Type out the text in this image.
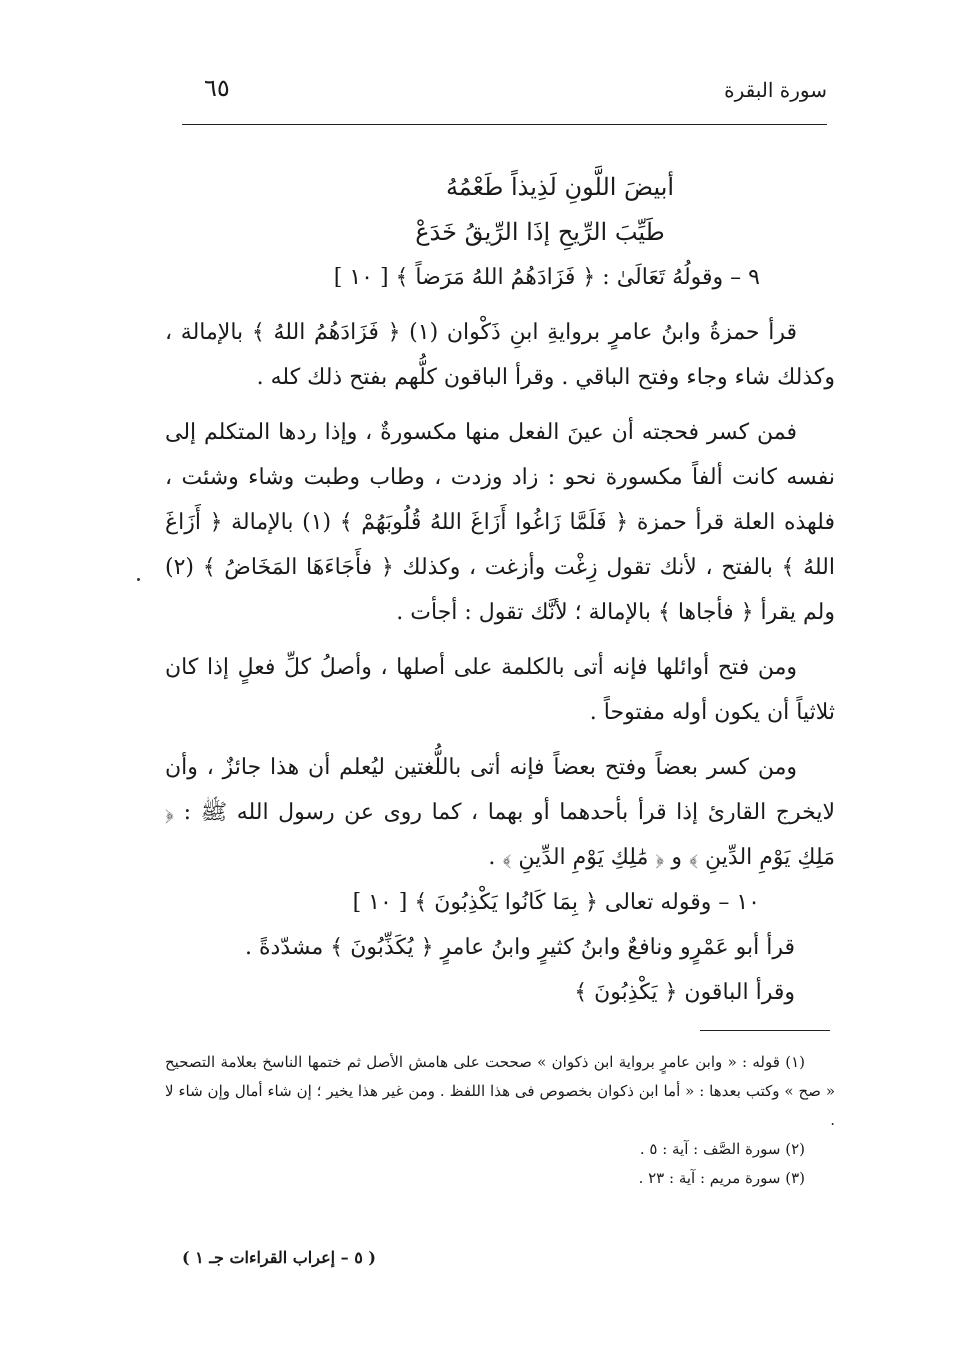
سورة البقرة
٦٥

أبيضَ اللَّونِ لَذِيذاً طَعْمُهُ

طَيِّبَ الرِّيحِ إذَا الرِّيقُ خَدَعْ

٩ – وقولُهُ تَعَالَىٰ : ﴿ فَزَادَهُمُ اللهُ مَرَضاً ﴾ [ ١٠ ]

قرأ حمزةُ وابنُ عامرٍ بروايةِ ابنِ ذَكْوان (١) ﴿ فَزَادَهُمُ اللهُ ﴾ بالإمالة ، وكذلك شاء وجاء وفتح الباقي . وقرأ الباقون كلُّهم بفتح ذلك كله .

فمن كسر فحجته أن عينَ الفعل منها مكسورةٌ ، وإذا ردها المتكلم إلى نفسه كانت ألفاً مكسورة نحو : زاد وزدت ، وطاب وطبت وشاء وشئت ، فلهذه العلة قرأ حمزة ﴿ فَلَمَّا زَاغُوا أَزَاغَ اللهُ قُلُوبَهُمْ ﴾ (١) بالإمالة ﴿ أَزَاغَ اللهُ ﴾ بالفتح ، لأنك تقول زِغْت وأزغت ، وكذلك ﴿ فأَجَاءَهَا المَخَاضُ ﴾ (٢) ولم يقرأ ﴿ فأجاها ﴾ بالإمالة ؛ لأنَّك تقول : أجأت .

ومن فتح أوائلها فإنه أتى بالكلمة على أصلها ، وأصلُ كلِّ فعلٍ إذا كان ثلاثياً أن يكون أوله مفتوحاً .

ومن كسر بعضاً وفتح بعضاً فإنه أتى باللُّغتين ليُعلم أن هذا جائزٌ ، وأن لايخرج القارئ إذا قرأ بأحدهما أو بهما ، كما روى عن رسول الله ﷺ : ﴿ مَلِكِ يَوْمِ الدِّينِ ﴾ و ﴿ مَٰلِكِ يَوْمِ الدِّينِ ﴾ .

١٠ – وقوله تعالى ﴿ بِمَا كَانُوا يَكْذِبُونَ ﴾ [ ١٠ ]

قرأ أبو عَمْرٍو ونافعٌ وابنُ كثيرٍ وابنُ عامرٍ ﴿ يُكَذِّبُونَ ﴾ مشدّدةً .

وقرأ الباقون ﴿ يَكْذِبُونَ ﴾

(١) قوله : « وابن عامرٍ برواية ابن ذكوان » صححت على هامش الأصل ثم ختمها الناسخ بعلامة التصحيح « صح » وكتب بعدها : « أما ابن ذكوان بخصوص فى هذا اللفظ . ومن غير هذا يخير ؛ إن شاء أمال وإن شاء لا .

(٢) سورة الصَّف : آية : ٥ .

(٣) سورة مريم : آية : ٢٣ .

( ٥ – إعراب القراءات جـ ١ )
